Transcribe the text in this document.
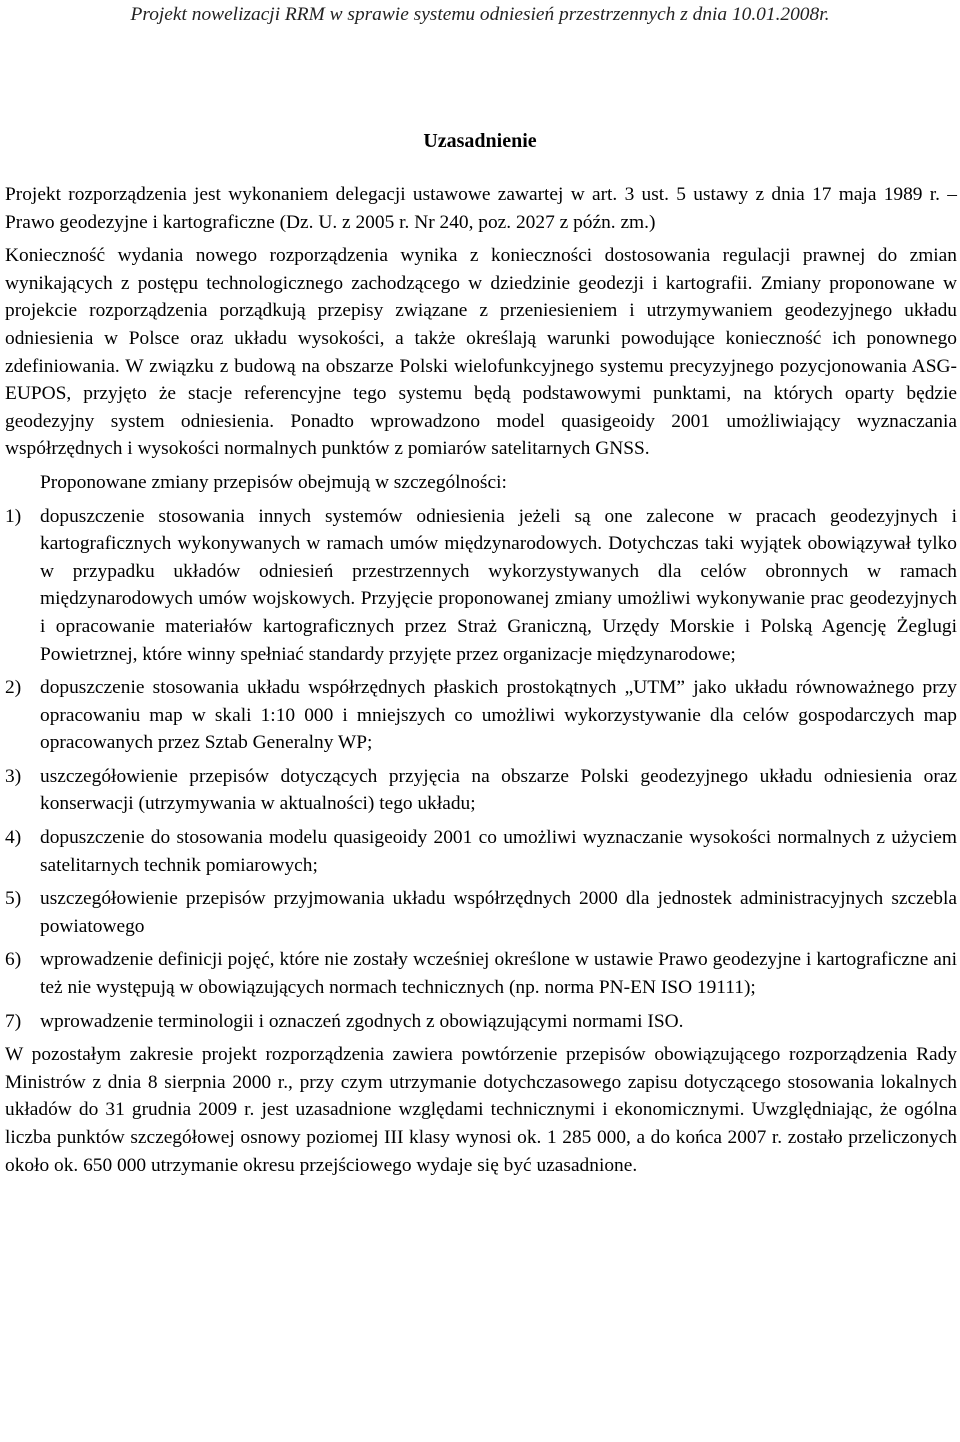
Projekt nowelizacji RRM w sprawie systemu odniesień przestrzennych z dnia 10.01.2008r.
Uzasadnienie

Projekt rozporządzenia jest wykonaniem delegacji ustawowe zawartej w art. 3 ust. 5 ustawy z dnia 17 maja 1989 r. – Prawo geodezyjne i kartograficzne (Dz. U. z 2005 r. Nr 240, poz. 2027 z późn. zm.)

Konieczność wydania nowego rozporządzenia wynika z konieczności dostosowania regulacji prawnej do zmian wynikających z postępu technologicznego zachodzącego w dziedzinie geodezji i kartografii. Zmiany proponowane w projekcie rozporządzenia porządkują przepisy związane z przeniesieniem i utrzymywaniem geodezyjnego układu odniesienia w Polsce oraz układu wysokości, a także określają warunki powodujące konieczność ich ponownego zdefiniowania. W związku z budową na obszarze Polski wielofunkcyjnego systemu precyzyjnego pozycjonowania ASG-EUPOS, przyjęto że stacje referencyjne tego systemu będą podstawowymi punktami, na których oparty będzie geodezyjny system odniesienia. Ponadto wprowadzono model quasigeoidy 2001 umożliwiający wyznaczania współrzędnych i wysokości normalnych punktów z pomiarów satelitarnych GNSS.

Proponowane zmiany przepisów obejmują w szczególności:

1) dopuszczenie stosowania innych systemów odniesienia jeżeli są one zalecone w pracach geodezyjnych i kartograficznych wykonywanych w ramach umów międzynarodowych. Dotychczas taki wyjątek obowiązywał tylko w przypadku układów odniesień przestrzennych wykorzystywanych dla celów obronnych w ramach międzynarodowych umów wojskowych. Przyjęcie proponowanej zmiany umożliwi wykonywanie prac geodezyjnych i opracowanie materiałów kartograficznych przez Straż Graniczną, Urzędy Morskie i Polską Agencję Żeglugi Powietrznej, które winny spełniać standardy przyjęte przez organizacje międzynarodowe;
2) dopuszczenie stosowania układu współrzędnych płaskich prostokątnych „UTM” jako układu równoważnego przy opracowaniu map w skali 1:10 000 i mniejszych co umożliwi wykorzystywanie dla celów gospodarczych map opracowanych przez Sztab Generalny WP;
3) uszczegółowienie przepisów dotyczących przyjęcia na obszarze Polski geodezyjnego układu odniesienia oraz konserwacji (utrzymywania w aktualności) tego układu;
4) dopuszczenie do stosowania modelu quasigeoidy 2001 co umożliwi wyznaczanie wysokości normalnych z użyciem satelitarnych technik pomiarowych;
5) uszczegółowienie przepisów przyjmowania układu współrzędnych 2000 dla jednostek administracyjnych szczebla powiatowego
6) wprowadzenie definicji pojęć, które nie zostały wcześniej określone w ustawie Prawo geodezyjne i kartograficzne ani też nie występują w obowiązujących normach technicznych (np. norma PN-EN ISO 19111);
7) wprowadzenie terminologii i oznaczeń zgodnych z obowiązującymi normami ISO.

W pozostałym zakresie projekt rozporządzenia zawiera powtórzenie przepisów obowiązującego rozporządzenia Rady Ministrów z dnia 8 sierpnia 2000 r., przy czym utrzymanie dotychczasowego zapisu dotyczącego stosowania lokalnych układów do 31 grudnia 2009 r. jest uzasadnione względami technicznymi i ekonomicznymi. Uwzględniając, że ogólna liczba punktów szczegółowej osnowy poziomej III klasy wynosi ok. 1 285 000, a do końca 2007 r. zostało przeliczonych około ok. 650 000 utrzymanie okresu przejściowego wydaje się być uzasadnione.
